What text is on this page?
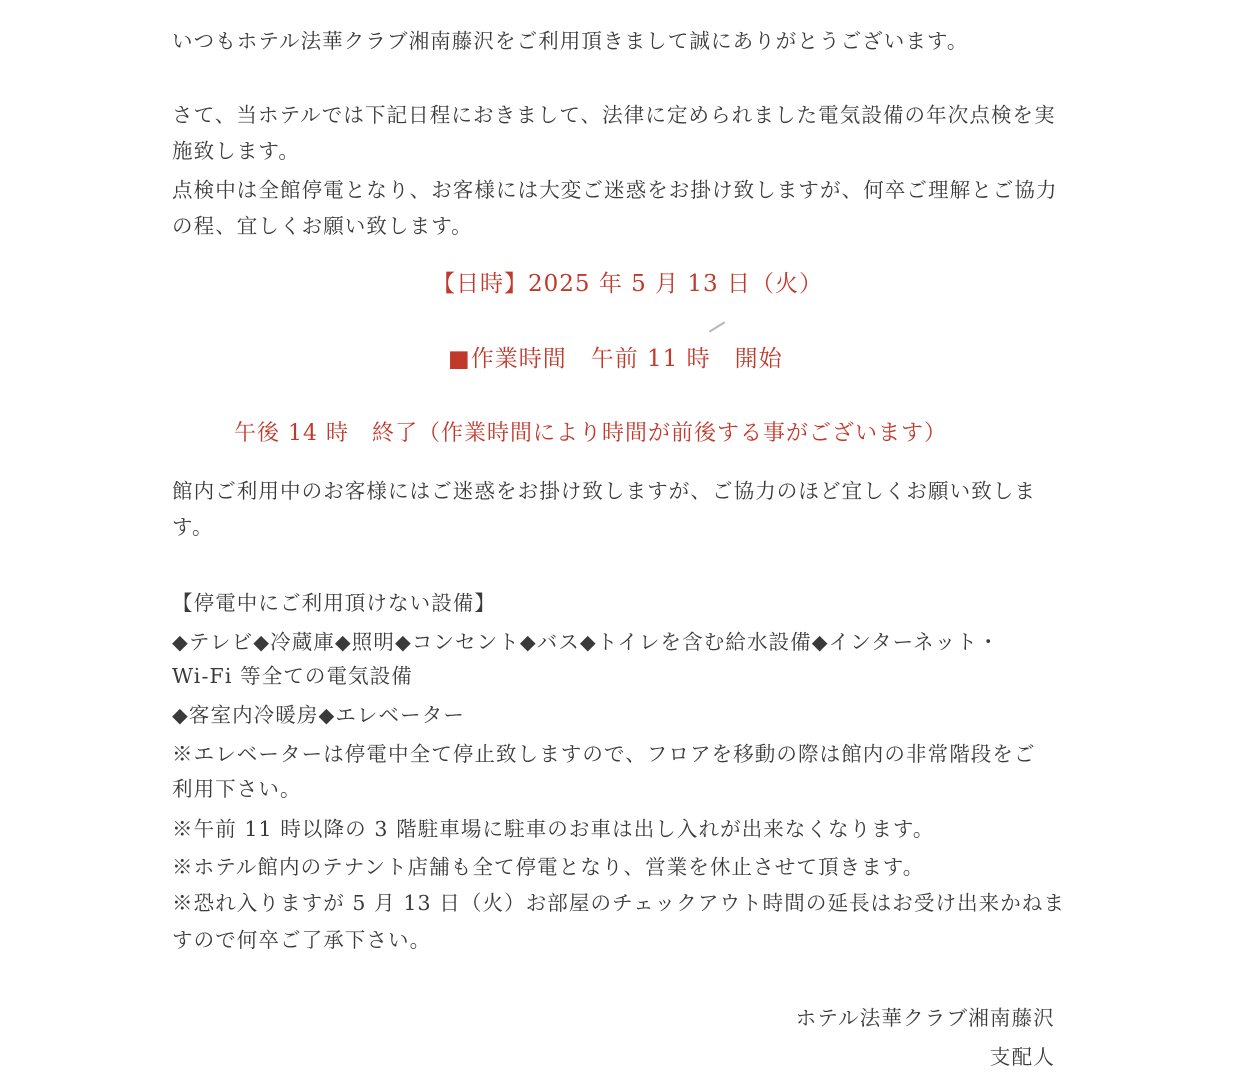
いつもホテル法華クラブ湘南藤沢をご利用頂きまして誠にありがとうございます。
さて、当ホテルでは下記日程におきまして、法律に定められました電気設備の年次点検を実
施致します。
点検中は全館停電となり、お客様には大変ご迷惑をお掛け致しますが、何卒ご理解とご協力
の程、宜しくお願い致します。
【日時】2025 年 5 月 13 日（火）
■作業時間　午前 11 時　開始
午後 14 時　終了（作業時間により時間が前後する事がございます）
館内ご利用中のお客様にはご迷惑をお掛け致しますが、ご協力のほど宜しくお願い致しま
す。
【停電中にご利用頂けない設備】
◆テレビ◆冷蔵庫◆照明◆コンセント◆バス◆トイレを含む給水設備◆インターネット・
Wi-Fi 等全ての電気設備
◆客室内冷暖房◆エレベーター
※エレベーターは停電中全て停止致しますので、フロアを移動の際は館内の非常階段をご
利用下さい。
※午前 11 時以降の 3 階駐車場に駐車のお車は出し入れが出来なくなります。
※ホテル館内のテナント店舗も全て停電となり、営業を休止させて頂きます。
※恐れ入りますが 5 月 13 日（火）お部屋のチェックアウト時間の延長はお受け出来かねま
すので何卒ご了承下さい。
ホテル法華クラブ湘南藤沢
支配人
